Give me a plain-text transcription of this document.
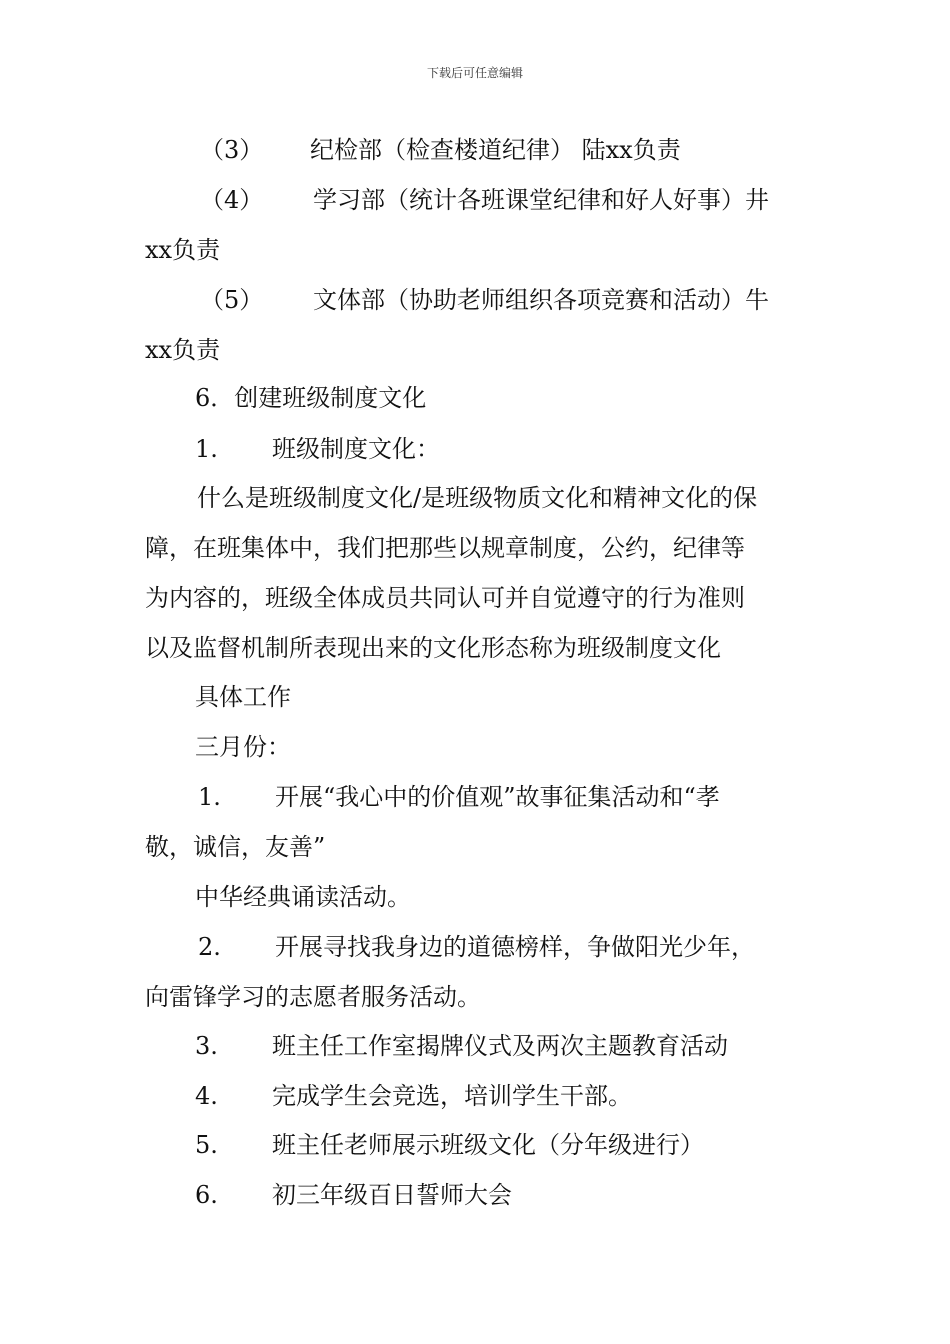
下载后可任意编辑
（3） 纪检部（检查楼道纪律） 陆xx负责
（4） 学习部（统计各班课堂纪律和好人好事）井
xx负责
（5） 文体部（协助老师组织各项竞赛和活动）牛
xx负责
6．创建班级制度文化
1. 班级制度文化：
什么是班级制度文化/是班级物质文化和精神文化的保
障，在班集体中，我们把那些以规章制度，公约，纪律等
为内容的，班级全体成员共同认可并自觉遵守的行为准则
以及监督机制所表现出来的文化形态称为班级制度文化
具体工作
三月份：
1. 开展“我心中的价值观”故事征集活动和“孝
敬，诚信，友善”
中华经典诵读活动。
2. 开展寻找我身边的道德榜样，争做阳光少年，
向雷锋学习的志愿者服务活动。
3. 班主任工作室揭牌仪式及两次主题教育活动
4. 完成学生会竞选，培训学生干部。
5. 班主任老师展示班级文化（分年级进行）
6. 初三年级百日誓师大会
